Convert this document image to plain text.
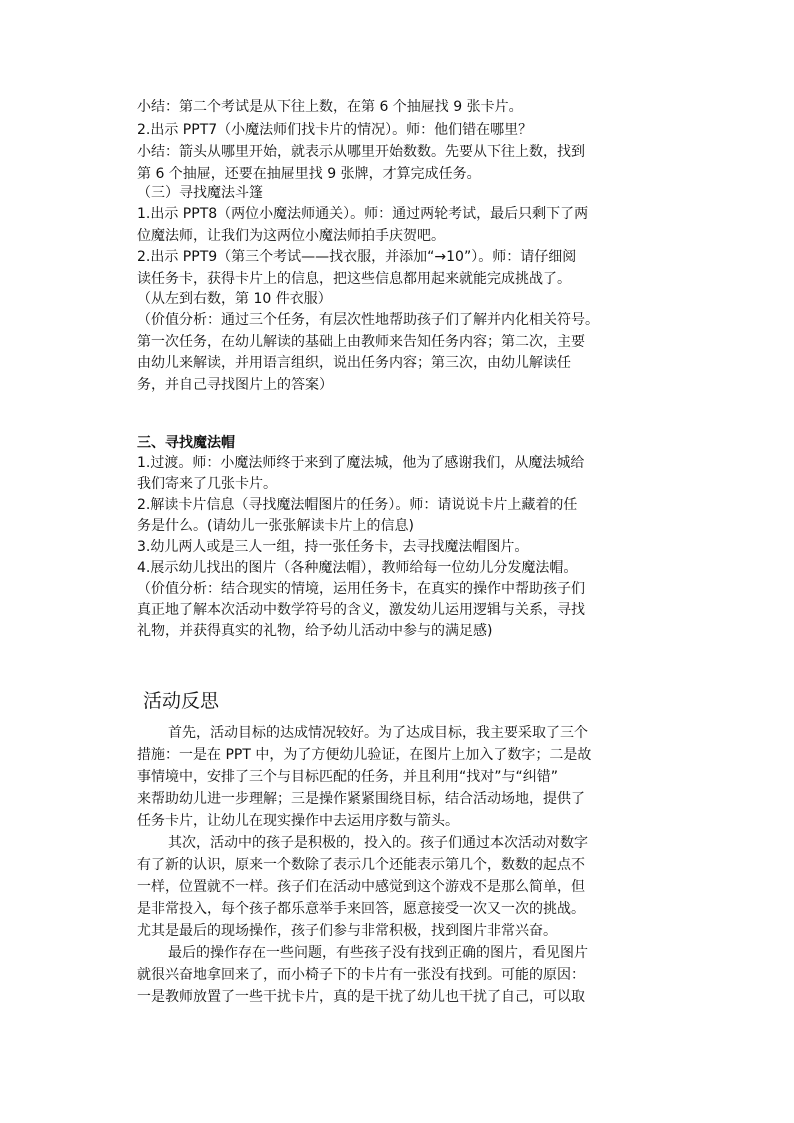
小结：第二个考试是从下往上数，在第 6 个抽屉找 9 张卡片。
2.出示 PPT7（小魔法师们找卡片的情况）。师：他们错在哪里？
小结：箭头从哪里开始，就表示从哪里开始数数。先要从下往上数，找到
第 6 个抽屉，还要在抽屉里找 9 张牌，才算完成任务。
（三）寻找魔法斗篷
1.出示 PPT8（两位小魔法师通关）。师：通过两轮考试，最后只剩下了两
位魔法师，让我们为这两位小魔法师拍手庆贺吧。
2.出示 PPT9（第三个考试——找衣服，并添加“→10”）。师：请仔细阅
读任务卡，获得卡片上的信息，把这些信息都用起来就能完成挑战了。
（从左到右数，第 10 件衣服）
（价值分析：通过三个任务，有层次性地帮助孩子们了解并内化相关符号。
第一次任务，在幼儿解读的基础上由教师来告知任务内容；第二次，主要
由幼儿来解读，并用语言组织，说出任务内容；第三次，由幼儿解读任
务，并自己寻找图片上的答案）
三、寻找魔法帽
1.过渡。师：小魔法师终于来到了魔法城，他为了感谢我们，从魔法城给
我们寄来了几张卡片。
2.解读卡片信息（寻找魔法帽图片的任务）。师：请说说卡片上藏着的任
务是什么。(请幼儿一张张解读卡片上的信息)
3.幼儿两人或是三人一组，持一张任务卡，去寻找魔法帽图片。
4.展示幼儿找出的图片（各种魔法帽），教师给每一位幼儿分发魔法帽。
（价值分析：结合现实的情境，运用任务卡，在真实的操作中帮助孩子们
真正地了解本次活动中数学符号的含义，激发幼儿运用逻辑与关系，寻找
礼物，并获得真实的礼物，给予幼儿活动中参与的满足感)
活动反思
首先，活动目标的达成情况较好。为了达成目标，我主要采取了三个
措施：一是在 PPT 中，为了方便幼儿验证，在图片上加入了数字；二是故
事情境中，安排了三个与目标匹配的任务，并且利用“找对”与“纠错”
来帮助幼儿进一步理解；三是操作紧紧围绕目标，结合活动场地，提供了
任务卡片，让幼儿在现实操作中去运用序数与箭头。
其次，活动中的孩子是积极的，投入的。孩子们通过本次活动对数字
有了新的认识，原来一个数除了表示几个还能表示第几个，数数的起点不
一样，位置就不一样。孩子们在活动中感觉到这个游戏不是那么简单，但
是非常投入，每个孩子都乐意举手来回答，愿意接受一次又一次的挑战。
尤其是最后的现场操作，孩子们参与非常积极，找到图片非常兴奋。
最后的操作存在一些问题，有些孩子没有找到正确的图片，看见图片
就很兴奋地拿回来了，而小椅子下的卡片有一张没有找到。可能的原因：
一是教师放置了一些干扰卡片，真的是干扰了幼儿也干扰了自己，可以取
